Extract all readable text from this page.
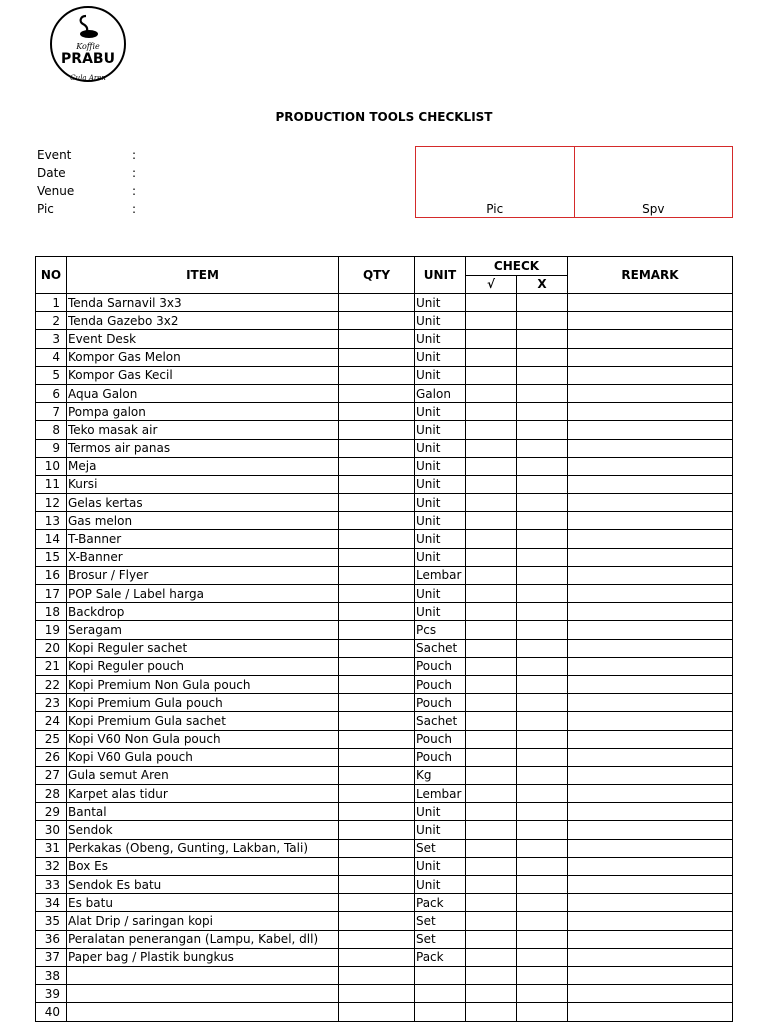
Koffie
PRABU
Gula Aren
PRODUCTION TOOLS CHECKLIST
Event	:
Date	:
Venue	:
Pic	:	Pic	Spv
NO	ITEM	QTY	UNIT	CHECK		REMARK
				√	X	
1	Tenda Sarnavil 3x3		Unit			
2	Tenda Gazebo 3x2		Unit			
3	Event Desk		Unit			
4	Kompor Gas Melon		Unit			
5	Kompor Gas Kecil		Unit			
6	Aqua Galon		Galon			
7	Pompa galon		Unit			
8	Teko masak air		Unit			
9	Termos air panas		Unit			
10	Meja		Unit			
11	Kursi		Unit			
12	Gelas kertas		Unit			
13	Gas melon		Unit			
14	T-Banner		Unit			
15	X-Banner		Unit			
16	Brosur / Flyer		Lembar			
17	POP Sale / Label harga		Unit			
18	Backdrop		Unit			
19	Seragam		Pcs			
20	Kopi Reguler sachet		Sachet			
21	Kopi Reguler pouch		Pouch			
22	Kopi Premium Non Gula pouch		Pouch			
23	Kopi Premium Gula pouch		Pouch			
24	Kopi Premium Gula sachet		Sachet			
25	Kopi V60 Non Gula pouch		Pouch			
26	Kopi V60 Gula pouch		Pouch			
27	Gula semut Aren		Kg			
28	Karpet alas tidur		Lembar			
29	Bantal		Unit			
30	Sendok		Unit			
31	Perkakas (Obeng, Gunting, Lakban, Tali)		Set			
32	Box Es		Unit			
33	Sendok Es batu		Unit			
34	Es batu		Pack			
35	Alat Drip / saringan kopi		Set			
36	Peralatan penerangan (Lampu, Kabel, dll)		Set			
37	Paper bag / Plastik bungkus		Pack			
38						
39						
40						
